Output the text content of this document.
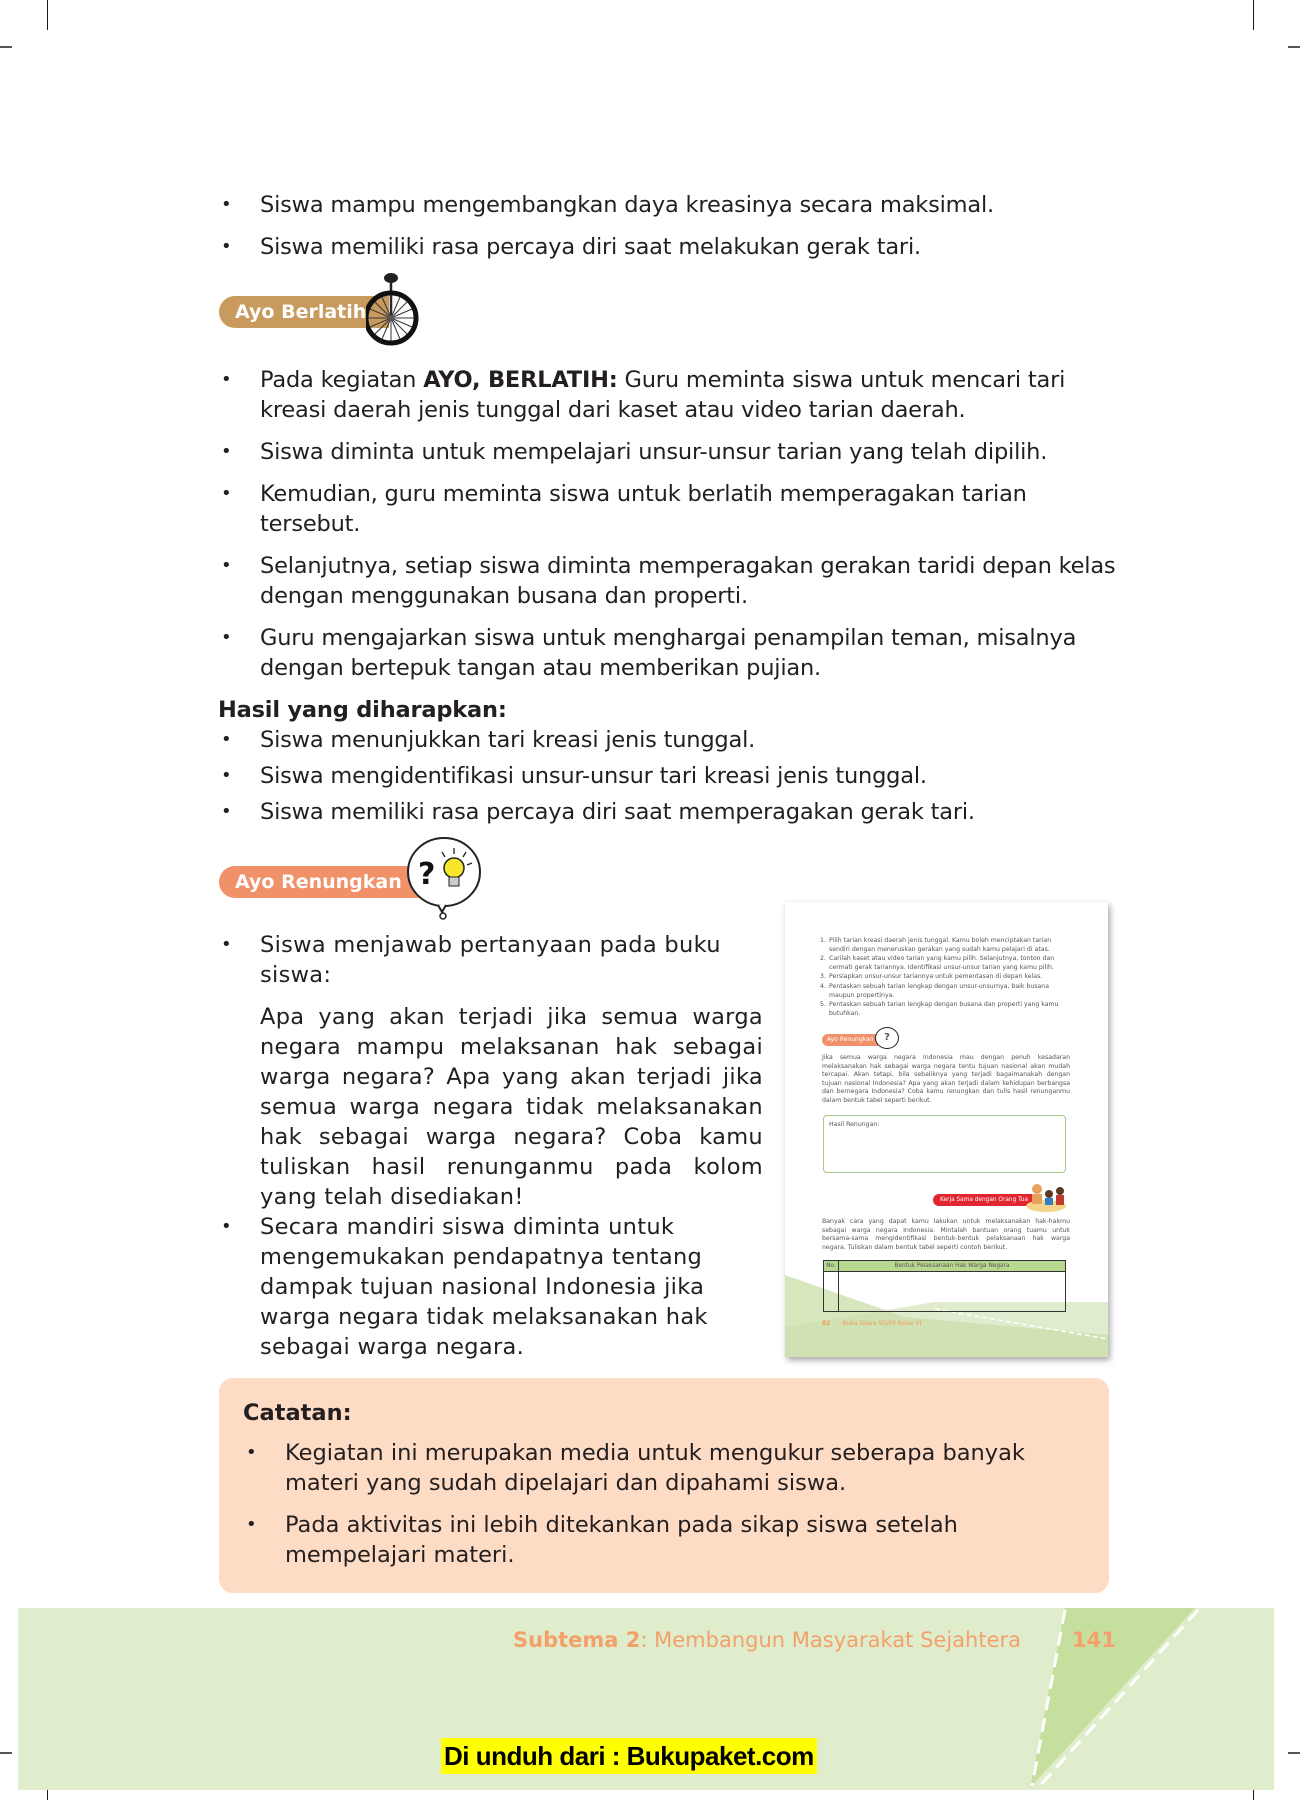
• Siswa mampu mengembangkan daya kreasinya secara maksimal.
• Siswa memiliki rasa percaya diri saat melakukan gerak tari.
Ayo Berlatih
• Pada kegiatan AYO, BERLATIH: Guru meminta siswa untuk mencari tari kreasi daerah jenis tunggal dari kaset atau video tarian daerah.
• Siswa diminta untuk mempelajari unsur-unsur tarian yang telah dipilih.
• Kemudian, guru meminta siswa untuk berlatih memperagakan tarian tersebut.
• Selanjutnya, setiap siswa diminta memperagakan gerakan taridi depan kelas dengan menggunakan busana dan properti.
• Guru mengajarkan siswa untuk menghargai penampilan teman, misalnya dengan bertepuk tangan atau memberikan pujian.
Hasil yang diharapkan:
• Siswa menunjukkan tari kreasi jenis tunggal.
• Siswa mengidentifikasi unsur-unsur tari kreasi jenis tunggal.
• Siswa memiliki rasa percaya diri saat memperagakan gerak tari.
Ayo Renungkan ?
• Siswa menjawab pertanyaan pada buku siswa:
Apa yang akan terjadi jika semua warga negara mampu melaksanan hak sebagai warga negara? Apa yang akan terjadi jika semua warga negara tidak melaksanakan hak sebagai warga negara? Coba kamu tuliskan hasil renunganmu pada kolom yang telah disediakan!
• Secara mandiri siswa diminta untuk mengemukakan pendapatnya tentang dampak tujuan nasional Indonesia jika warga negara tidak melaksanakan hak sebagai warga negara.
1. Pilih tarian kreasi daerah jenis tunggal. Kamu boleh menciptakan tarian sendiri dengan meneruskan gerakan yang sudah kamu pelajari di atas.
2. Carilah kaset atau video tarian yang kamu pilih. Selanjutnya, tonton dan cermati gerak tariannya. Identifikasi unsur-unsur tarian yang kamu pilih.
3. Persiapkan unsur-unsur tariannya untuk pementasan di depan kelas.
4. Pentaskan sebuah tarian lengkap dengan unsur-unsurnya, baik busana maupun propertinya.
5. Pentaskan sebuah tarian lengkap dengan busana dan properti yang kamu butuhkan.
Ayo Renungkan	?
Jika semua warga negara Indonesia mau dengan penuh kesadaran melaksanakan hak sebagai warga negara tentu tujuan nasional akan mudah tercapai. Akan tetapi, bila sebaliknya yang terjadi bagaimanakah dengan tujuan nasional Indonesia? Apa yang akan terjadi dalam kehidupan berbangsa dan bernegara Indonesia? Coba kamu renungkan dan tulis hasil renunganmu dalam bentuk tabel seperti berikut.
Hasil Renungan:
Kerja Sama dengan Orang Tua
Banyak cara yang dapat kamu lakukan untuk melaksanakan hak-hakmu sebagai warga negara Indonesia. Mintalah bantuan orang tuamu untuk bersama-sama mengidentifikasi bentuk-bentuk pelaksanaan hak warga negara. Tuliskan dalam bentuk tabel seperti contoh berikut.
No.	Bentuk Pelaksanaan Hak Warga Negara

82 Buku Siswa SD/MI Kelas VI
Catatan:
• Kegiatan ini merupakan media untuk mengukur seberapa banyak materi yang sudah dipelajari dan dipahami siswa.
• Pada aktivitas ini lebih ditekankan pada sikap siswa setelah mempelajari materi.
Subtema 2: Membangun Masyarakat Sejahtera 141
Di unduh dari : Bukupaket.com
